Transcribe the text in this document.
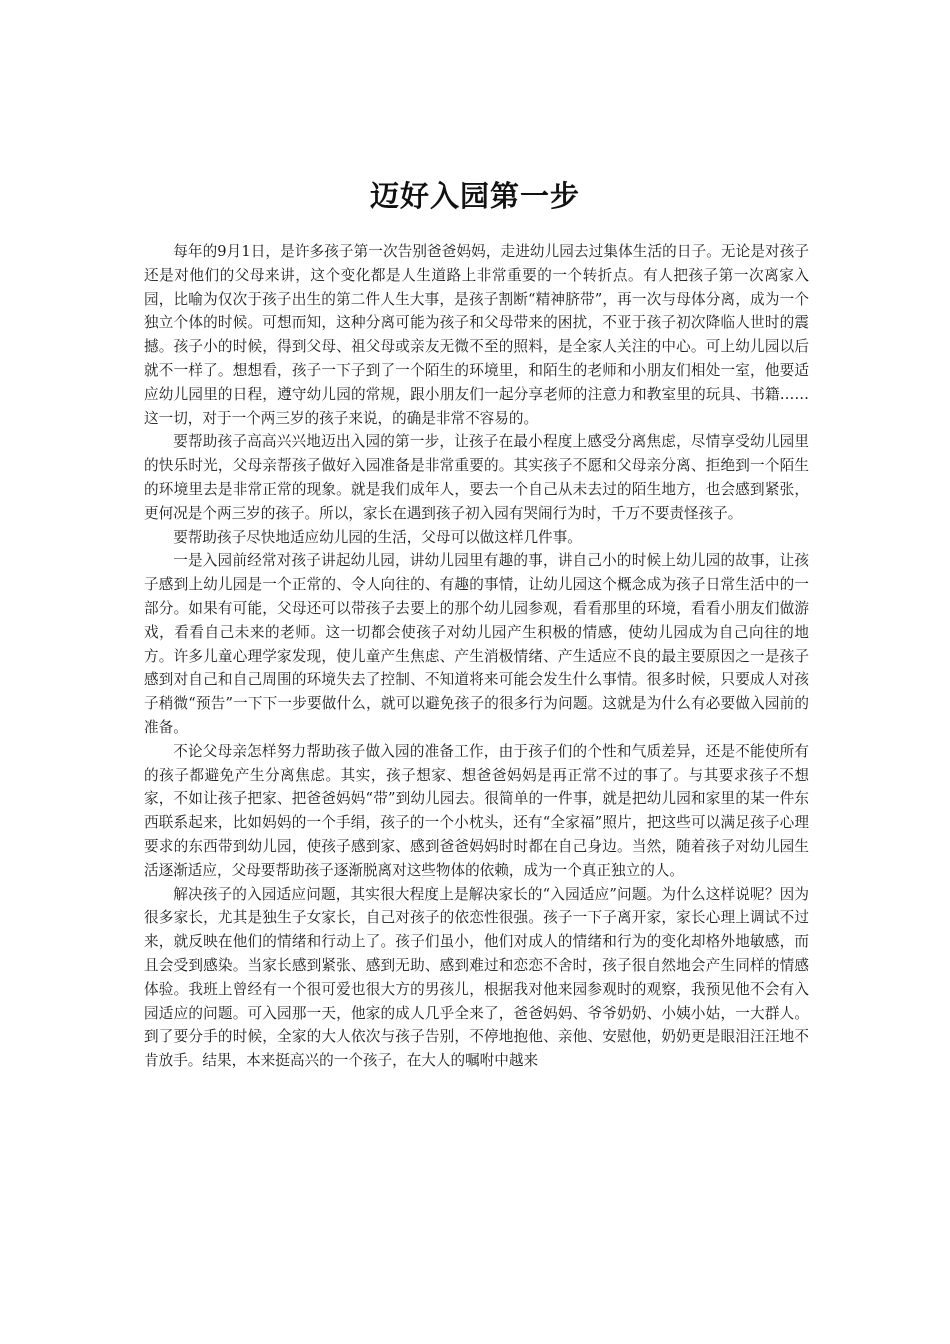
迈好入园第一步

每年的9月1日，是许多孩子第一次告别爸爸妈妈，走进幼儿园去过集体生活的日子。无论是对孩子还是对他们的父母来讲，这个变化都是人生道路上非常重要的一个转折点。有人把孩子第一次离家入园，比喻为仅次于孩子出生的第二件人生大事，是孩子割断“精神脐带”，再一次与母体分离，成为一个独立个体的时候。可想而知，这种分离可能为孩子和父母带来的困扰，不亚于孩子初次降临人世时的震撼。孩子小的时候，得到父母、祖父母或亲友无微不至的照料，是全家人关注的中心。可上幼儿园以后就不一样了。想想看，孩子一下子到了一个陌生的环境里，和陌生的老师和小朋友们相处一室，他要适应幼儿园里的日程，遵守幼儿园的常规，跟小朋友们一起分享老师的注意力和教室里的玩具、书籍……这一切，对于一个两三岁的孩子来说，的确是非常不容易的。

要帮助孩子高高兴兴地迈出入园的第一步，让孩子在最小程度上感受分离焦虑，尽情享受幼儿园里的快乐时光，父母亲帮孩子做好入园准备是非常重要的。其实孩子不愿和父母亲分离、拒绝到一个陌生的环境里去是非常正常的现象。就是我们成年人，要去一个自己从未去过的陌生地方，也会感到紧张，更何况是个两三岁的孩子。所以，家长在遇到孩子初入园有哭闹行为时，千万不要责怪孩子。

要帮助孩子尽快地适应幼儿园的生活，父母可以做这样几件事。

一是入园前经常对孩子讲起幼儿园，讲幼儿园里有趣的事，讲自己小的时候上幼儿园的故事，让孩子感到上幼儿园是一个正常的、令人向往的、有趣的事情，让幼儿园这个概念成为孩子日常生活中的一部分。如果有可能，父母还可以带孩子去要上的那个幼儿园参观，看看那里的环境，看看小朋友们做游戏，看看自己未来的老师。这一切都会使孩子对幼儿园产生积极的情感，使幼儿园成为自己向往的地方。许多儿童心理学家发现，使儿童产生焦虑、产生消极情绪、产生适应不良的最主要原因之一是孩子感到对自己和自己周围的环境失去了控制、不知道将来可能会发生什么事情。很多时候，只要成人对孩子稍微“预告”一下下一步要做什么，就可以避免孩子的很多行为问题。这就是为什么有必要做入园前的准备。

不论父母亲怎样努力帮助孩子做入园的准备工作，由于孩子们的个性和气质差异，还是不能使所有的孩子都避免产生分离焦虑。其实，孩子想家、想爸爸妈妈是再正常不过的事了。与其要求孩子不想家，不如让孩子把家、把爸爸妈妈“带”到幼儿园去。很简单的一件事，就是把幼儿园和家里的某一件东西联系起来，比如妈妈的一个手绢，孩子的一个小枕头，还有“全家福”照片，把这些可以满足孩子心理要求的东西带到幼儿园，使孩子感到家、感到爸爸妈妈时时都在自己身边。当然，随着孩子对幼儿园生活逐渐适应，父母要帮助孩子逐渐脱离对这些物体的依赖，成为一个真正独立的人。

解决孩子的入园适应问题，其实很大程度上是解决家长的“入园适应”问题。为什么这样说呢？因为很多家长，尤其是独生子女家长，自己对孩子的依恋性很强。孩子一下子离开家，家长心理上调试不过来，就反映在他们的情绪和行动上了。孩子们虽小，他们对成人的情绪和行为的变化却格外地敏感，而且会受到感染。当家长感到紧张、感到无助、感到难过和恋恋不舍时，孩子很自然地会产生同样的情感体验。我班上曾经有一个很可爱也很大方的男孩儿，根据我对他来园参观时的观察，我预见他不会有入园适应的问题。可入园那一天，他家的成人几乎全来了，爸爸妈妈、爷爷奶奶、小姨小姑，一大群人。到了要分手的时候，全家的大人依次与孩子告别，不停地抱他、亲他、安慰他，奶奶更是眼泪汪汪地不肯放手。结果，本来挺高兴的一个孩子，在大人的嘱咐中越来
